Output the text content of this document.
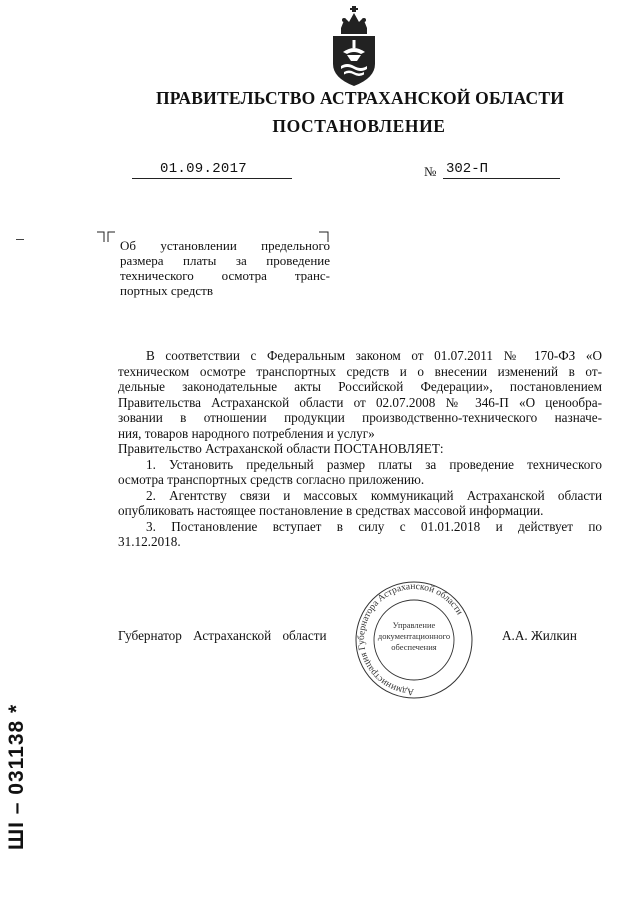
ПРАВИТЕЛЬСТВО АСТРАХАНСКОЙ ОБЛАСТИ
ПОСТАНОВЛЕНИЕ
01.09.2017	№ 302-П
Об установлении предельного
размера платы за проведение
технического осмотра транс-
портных средств
В соответствии с Федеральным законом от 01.07.2011 № 170-ФЗ «О
техническом осмотре транспортных средств и о внесении изменений в от-
дельные законодательные акты Российской Федерации», постановлением
Правительства Астраханской области от 02.07.2008 № 346-П «О ценообра-
зовании в отношении продукции производственно-технического назначе-
ния, товаров народного потребления и услуг»
Правительство Астраханской области ПОСТАНОВЛЯЕТ:
1. Установить предельный размер платы за проведение технического
осмотра транспортных средств согласно приложению.
2. Агентству связи и массовых коммуникаций Астраханской области
опубликовать настоящее постановление в средствах массовой информации.
3. Постановление вступает в силу с 01.01.2018 и действует по
31.12.2018.
Администрация Губернатора Астраханской области
Управление
документационного
обеспечения
Губернатор Астраханской области	А.А. Жилкин
ШI – 031138 *
